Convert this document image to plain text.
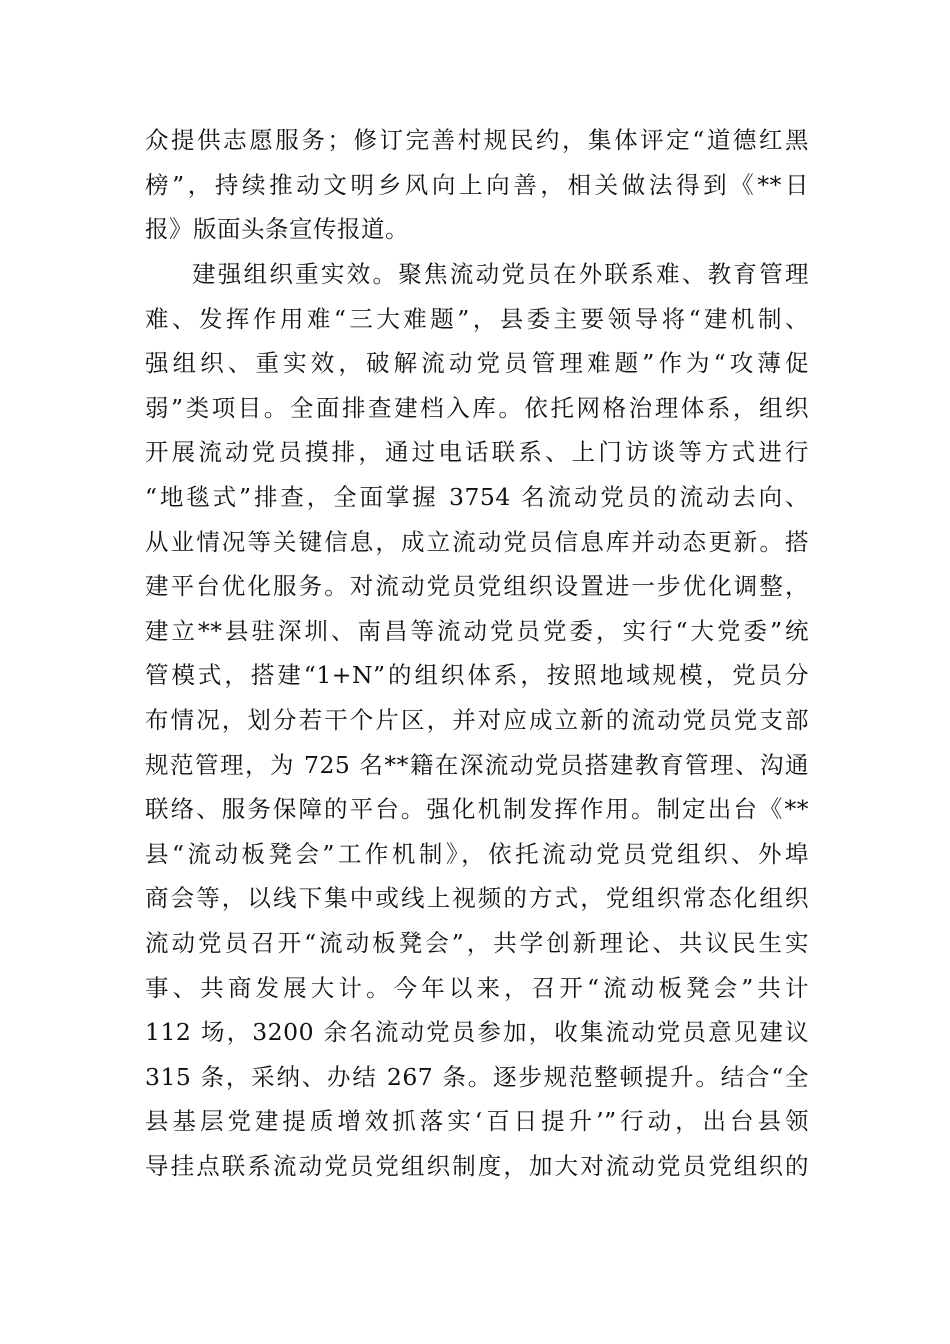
众提供志愿服务；修订完善村规民约，集体评定“道德红黑
榜”，持续推动文明乡风向上向善，相关做法得到《**日
报》版面头条宣传报道。
建强组织重实效。聚焦流动党员在外联系难、教育管理
难、发挥作用难“三大难题”，县委主要领导将“建机制、
强组织、重实效，破解流动党员管理难题”作为“攻薄促
弱”类项目。全面排查建档入库。依托网格治理体系，组织
开展流动党员摸排，通过电话联系、上门访谈等方式进行
“地毯式”排查，全面掌握 3754 名流动党员的流动去向、
从业情况等关键信息，成立流动党员信息库并动态更新。搭
建平台优化服务。对流动党员党组织设置进一步优化调整，
建立**县驻深圳、南昌等流动党员党委，实行“大党委”统
管模式，搭建“1+N”的组织体系，按照地域规模，党员分
布情况，划分若干个片区，并对应成立新的流动党员党支部
规范管理，为 725 名**籍在深流动党员搭建教育管理、沟通
联络、服务保障的平台。强化机制发挥作用。制定出台《**
县“流动板凳会”工作机制》，依托流动党员党组织、外埠
商会等，以线下集中或线上视频的方式，党组织常态化组织
流动党员召开“流动板凳会”，共学创新理论、共议民生实
事、共商发展大计。今年以来，召开“流动板凳会”共计
112 场，3200 余名流动党员参加，收集流动党员意见建议
315 条，采纳、办结 267 条。逐步规范整顿提升。结合“全
县基层党建提质增效抓落实‘百日提升’”行动，出台县领
导挂点联系流动党员党组织制度，加大对流动党员党组织的
